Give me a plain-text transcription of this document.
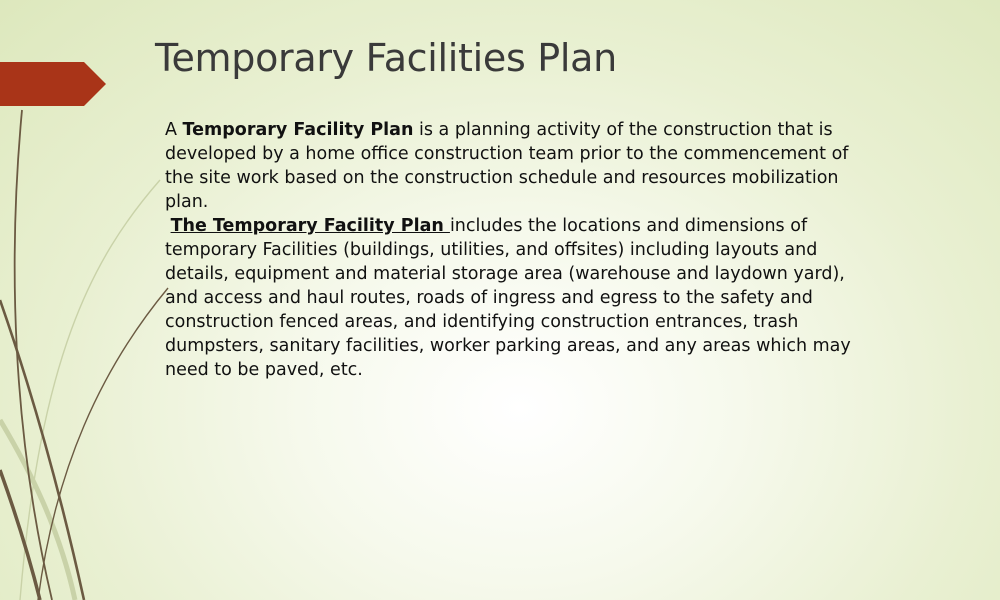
Temporary Facilities Plan

A Temporary Facility Plan is a planning activity of the construction that is developed by a home office construction team prior to the commencement of the site work based on the construction schedule and resources mobilization plan.

The Temporary Facility Plan includes the locations and dimensions of temporary Facilities (buildings, utilities, and offsites) including layouts and details, equipment and material storage area (warehouse and laydown yard), and access and haul routes, roads of ingress and egress to the safety and construction fenced areas, and identifying construction entrances, trash dumpsters, sanitary facilities, worker parking areas, and any areas which may need to be paved, etc.
